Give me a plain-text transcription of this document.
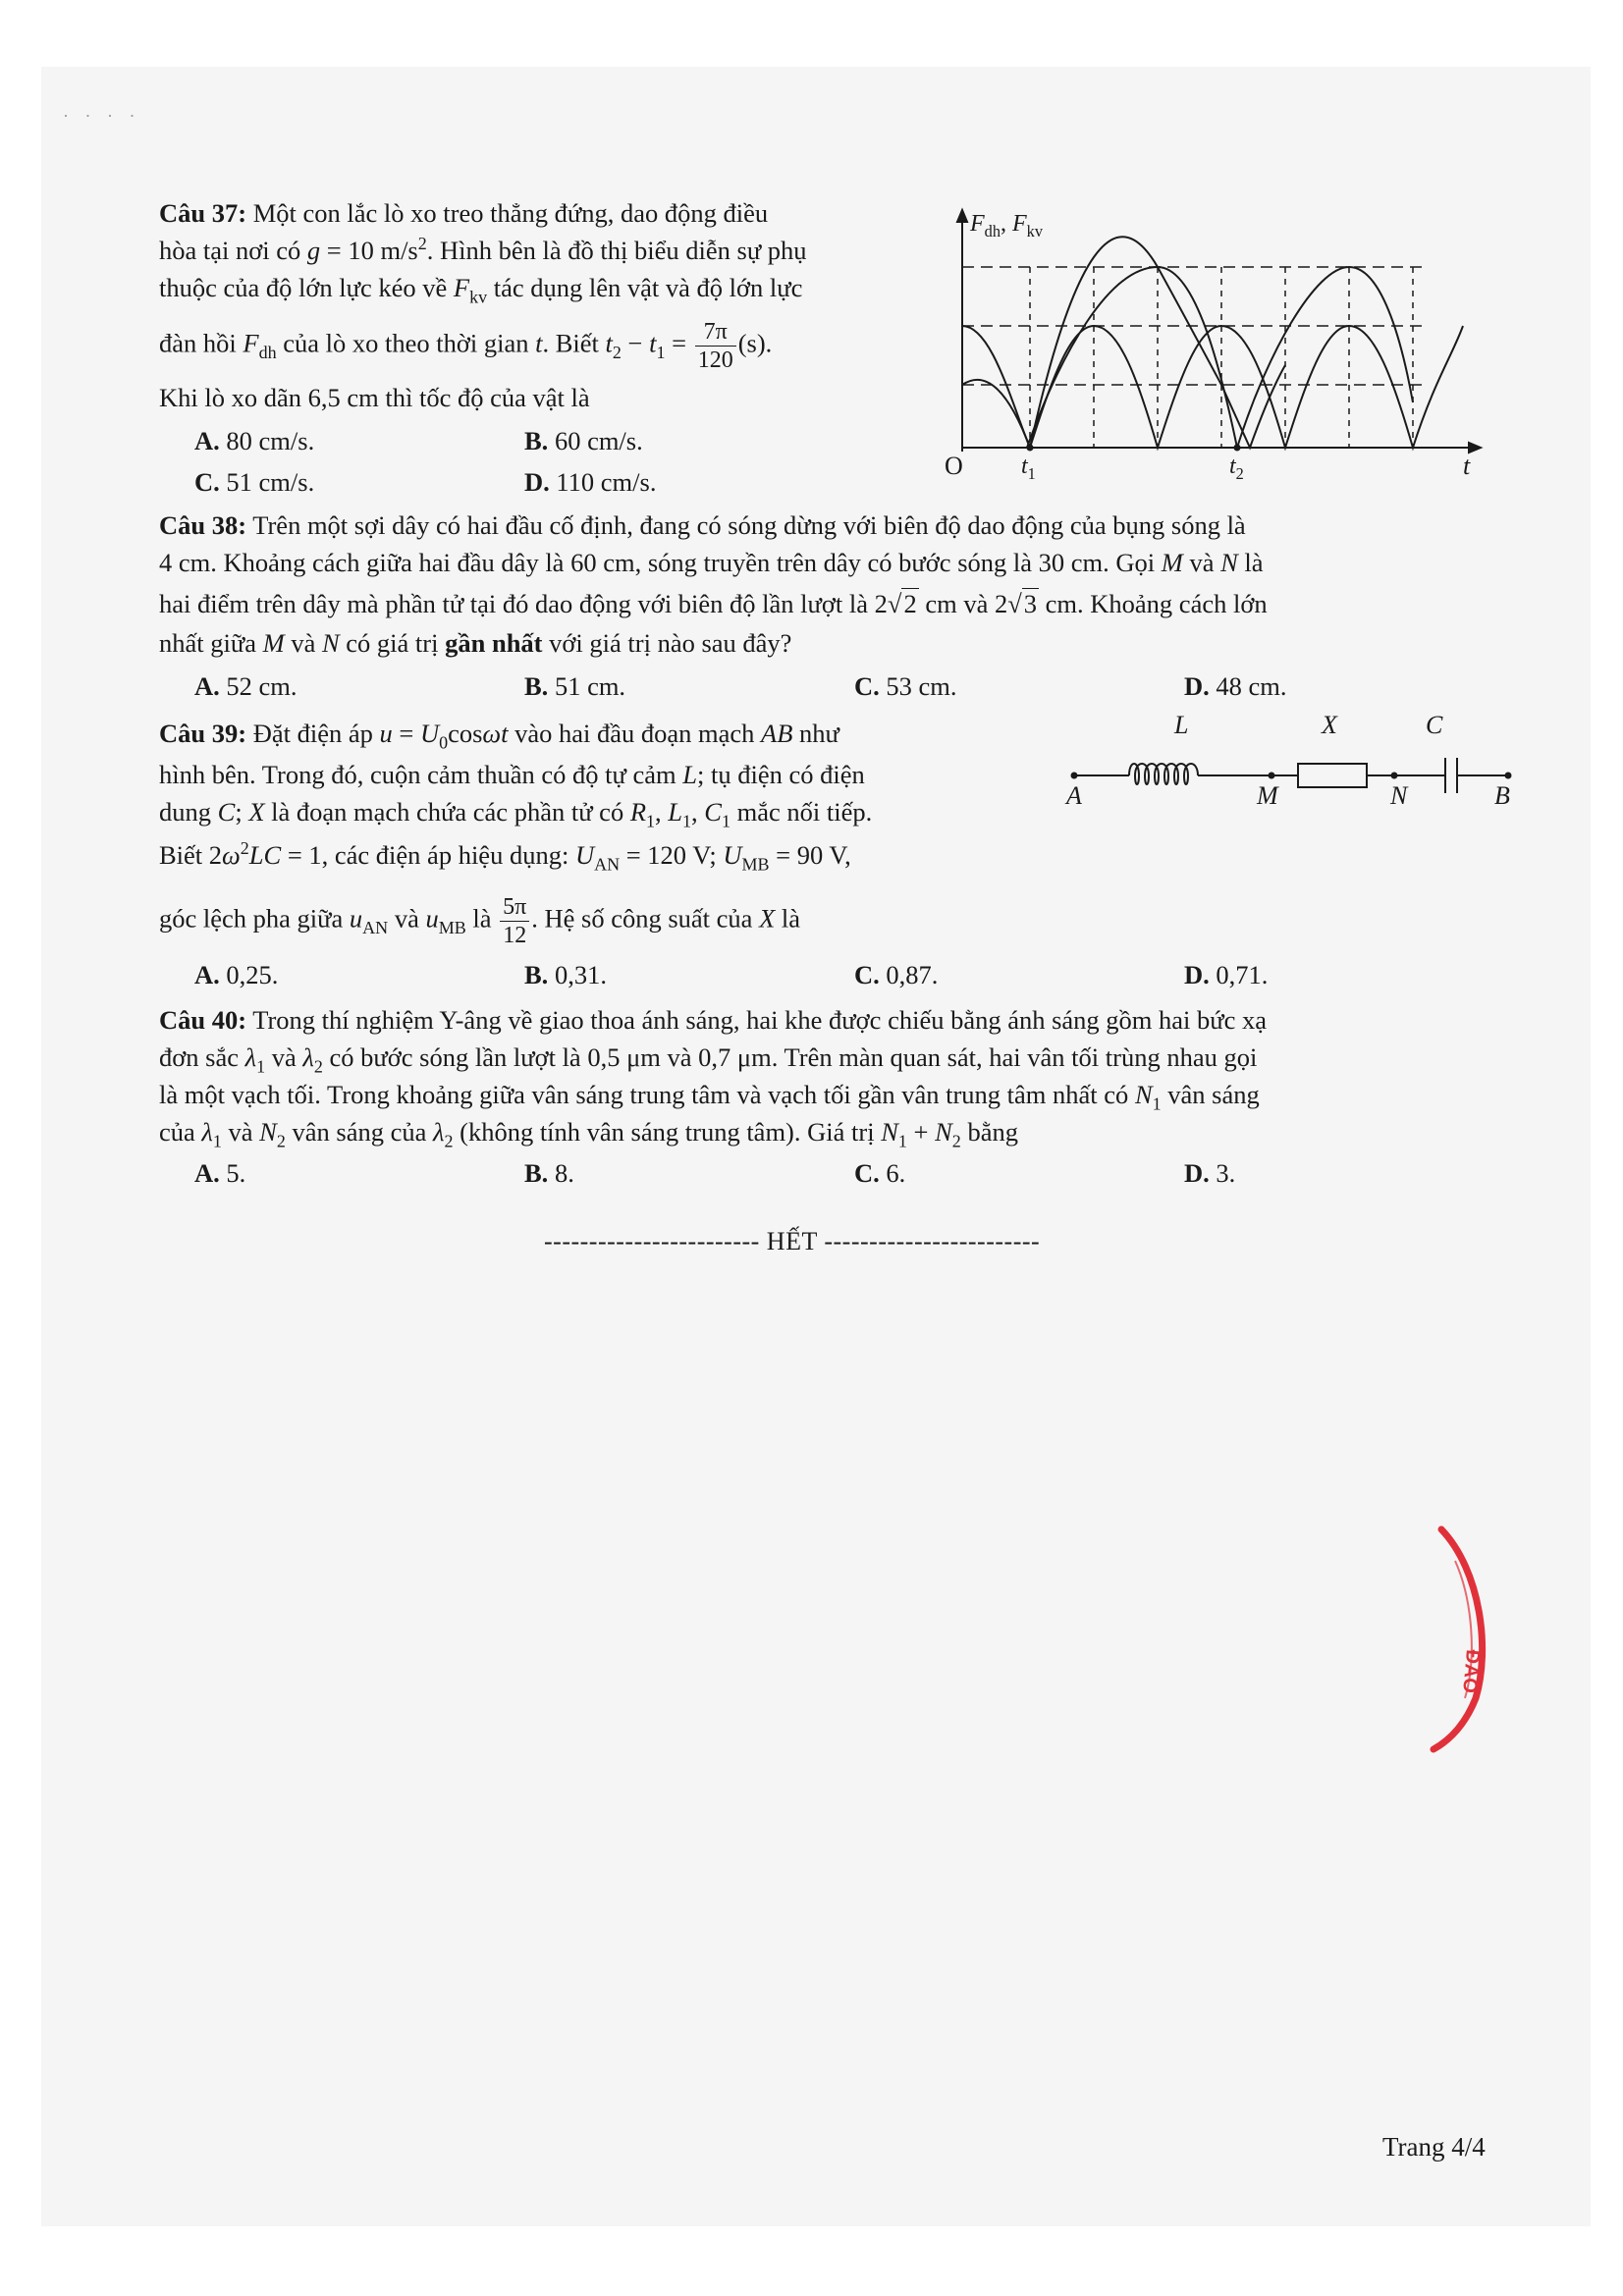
· · · ·
Câu 37: Một con lắc lò xo treo thẳng đứng, dao động điều
hòa tại nơi có g = 10 $m/s^2$. Hình bên là đồ thị biểu diễn sự phụ
thuộc của độ lớn lực kéo về $F_{kv}$ tác dụng lên vật và độ lớn lực
đàn hồi $F_{dh}$ của lò xo theo thời gian t. Biết $t_2 - t_1 = \frac{7\pi}{120} (s)$.
Khi lò xo dãn 6,5 cm thì tốc độ của vật là
A. 80 cm/s.	B. 60 cm/s.
C. 51 cm/s.	D. 110 cm/s.
$F_{dh}$, $F_{kv}$
O $t_1$	$t_2$	t
Câu 38: Trên một sợi dây có hai đầu cố định, đang có sóng dừng với biên độ dao động của bụng sóng là
4 cm. Khoảng cách giữa hai đầu dây là 60 cm, sóng truyền trên dây có bước sóng là 30 cm. Gọi M và N là
hai điểm trên dây mà phần tử tại đó dao động với biên độ lần lượt là 2√2 cm và 2√3 cm. Khoảng cách lớn
nhất giữa M và N có giá trị gần nhất với giá trị nào sau đây?
A. 52 cm.	B. 51 cm.	C. 53 cm.	D. 48 cm.
Câu 39: Đặt điện áp $u = U_0\cos\omega t$ vào hai đầu đoạn mạch AB như
hình bên. Trong đó, cuộn cảm thuần có độ tự cảm L; tụ điện có điện
dung C; X là đoạn mạch chứa các phần tử có $R_1$, $L_1$, $C_1$ mắc nối tiếp.
Biết $2\omega^2LC = 1$, các điện áp hiệu dụng: $U_{AN} = 120$ V; $U_{MB} = 90$ V,
góc lệch pha giữa $u_{AN}$ và $u_{MB}$ là $\frac{5\pi}{12}$ . Hệ số công suất của X là
A. 0,25.	B. 0,31.	C. 0,87.	D. 0,71.
L	X	C
A	M	N	B
Câu 40: Trong thí nghiệm Y-âng về giao thoa ánh sáng, hai khe được chiếu bằng ánh sáng gồm hai bức xạ
đơn sắc $\lambda_1$ và $\lambda_2$ có bước sóng lần lượt là 0,5 μm và 0,7 μm. Trên màn quan sát, hai vân tối trùng nhau gọi
là một vạch tối. Trong khoảng giữa vân sáng trung tâm và vạch tối gần vân trung tâm nhất có $N_1$ vân sáng
của $\lambda_1$ và $N_2$ vân sáng của $\lambda_2$ (không tính vân sáng trung tâm). Giá trị $N_1 + N_2$ bằng
A. 5.	B. 8.	C. 6.	D. 3.
------------------------ HẾT ------------------------
ĐÀO
Trang 4/4
